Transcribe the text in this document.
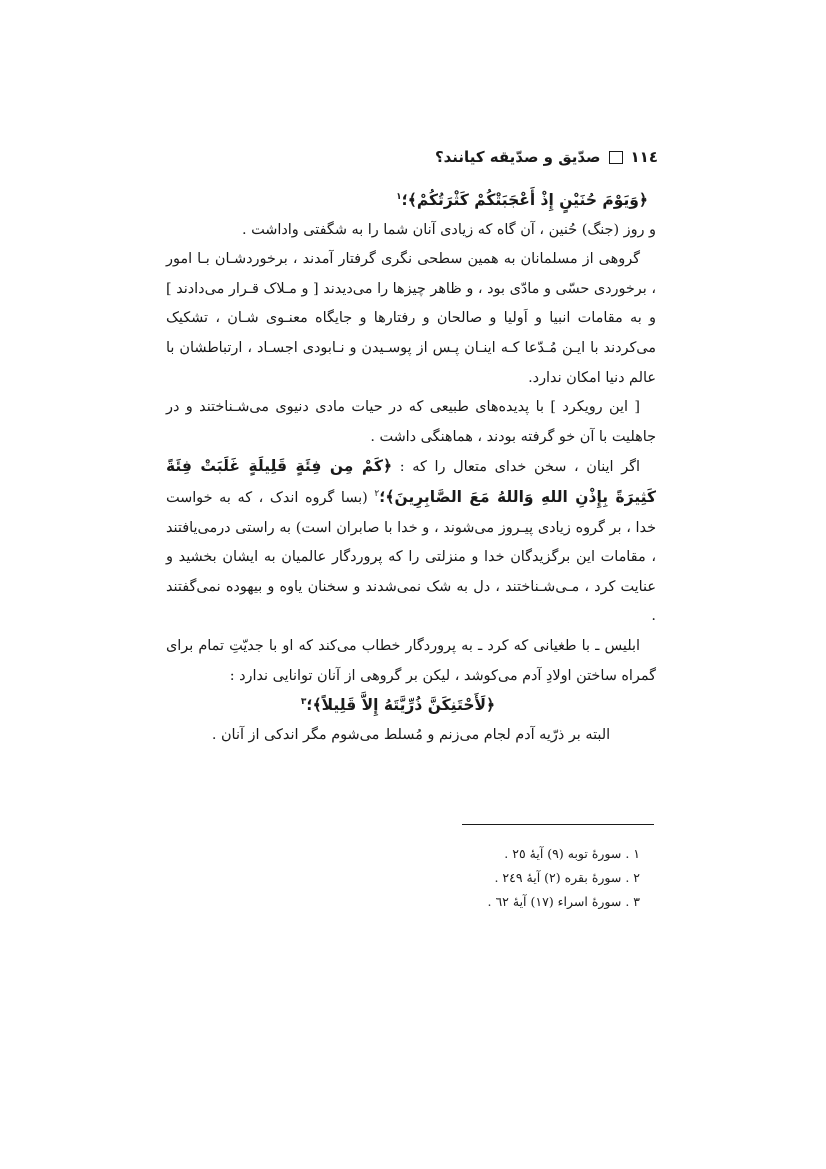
١١٤
صدّیق و صدّیقه کیانند؟

﴿وَيَوْمَ حُنَيْنٍ إِذْ أَعْجَبَتْكُمْ كَثْرَتُكُمْ﴾؛$^١$

و روز (جنگ) حُنین ، آن گاه که زیادی آنان شما را به شگفتی واداشت .

گروهی از مسلمانان به همین سطحی نگری گرفتار آمدند ، برخوردشـان بـا امور ، برخوردی حسّی و مادّی بود ، و ظاهر چیزها را می‌دیدند [ و مـلاک قـرار می‌دادند ] و به مقامات انبیا و اَولیا و صالحان و رفتارها و جایگاه معنـوی شـان ، تشکیک می‌کردند با ایـن مُـدّعا کـه اینـان پـس از پوسـیدن و نـابودی اجسـاد ، ارتباطشان با عالم دنیا امکان ندارد.

[ این رویکرد ] با پدیده‌های طبیعی که در حیات مادی دنیوی می‌شـناختند و در جاهلیت با آن خو گرفته بودند ، هماهنگی داشت .

اگر اینان ، سخن خدای متعال را که : ﴿كَمْ مِن فِئَةٍ قَلِيلَةٍ غَلَبَتْ فِئَةً كَثِيرَةً بِإِذْنِ اللهِ وَاللهُ مَعَ الصَّابِرِينَ﴾؛$^٢$ (بسا گروه اندک ، که به خواست خدا ، بر گروه زیادی پیـروز می‌شوند ، و خدا با صابران است) به راستی درمی‌یافتند ، مقامات این برگزیدگان خدا و منزلتی را که پروردگار عالمیان به ایشان بخشید و عنایت کرد ، مـی‌شـناختند ، دل به شک نمی‌شدند و سخنان یاوه و بیهوده نمی‌گفتند .

ابلیس ـ با طغیانی که کرد ـ به پروردگار خطاب می‌کند که او با جدیّتِ تمام برای گمراه ساختن اولادِ آدم می‌کوشد ، لیکن بر گروهی از آنان توانایی ندارد :

﴿لَأَحْتَنِكَنَّ ذُرِّيَّتَهُ إِلاَّ قَلِيلاً﴾؛$^٣$

البته بر ذرّیه آدم لجام می‌زنم و مُسلط می‌شوم مگر اندکی از آنان .

١ . سورهٔ توبه (٩) آیهٔ ٢٥ .
٢ . سورهٔ بقره (٢) آیهٔ ٢٤٩ .
٣ . سورهٔ اسراء (١٧) آیهٔ ٦٢ .
